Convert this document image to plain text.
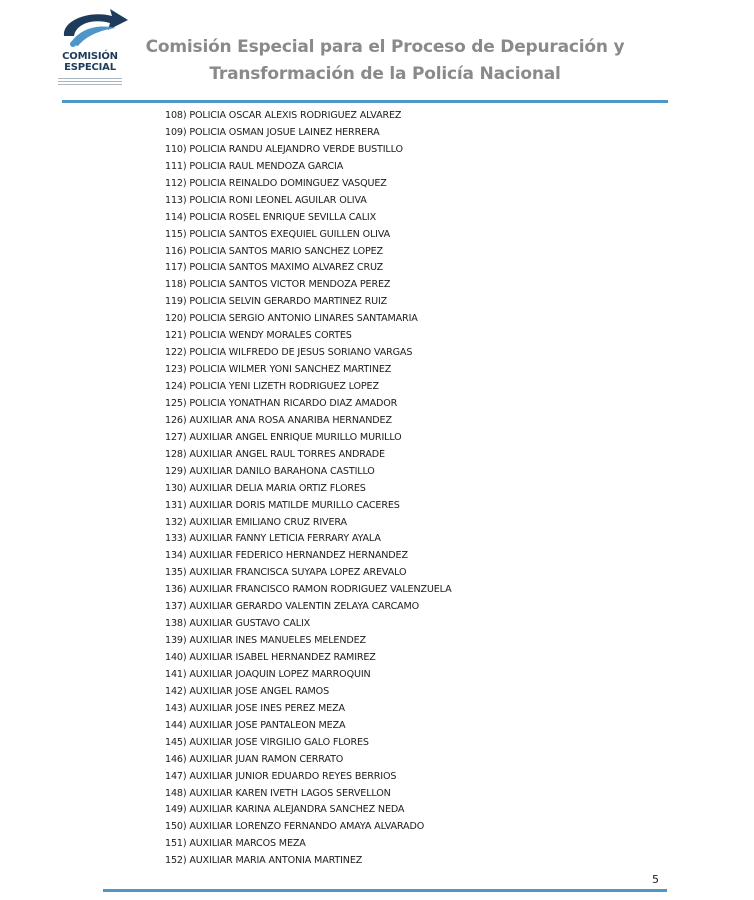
COMISIÓN
ESPECIAL
Comisión Especial para el Proceso de Depuración y
Transformación de la Policía Nacional
108) POLICIA OSCAR ALEXIS RODRIGUEZ ALVAREZ
109) POLICIA OSMAN JOSUE LAINEZ HERRERA
110) POLICIA RANDU ALEJANDRO VERDE BUSTILLO
111) POLICIA RAUL MENDOZA GARCIA
112) POLICIA REINALDO DOMINGUEZ VASQUEZ
113) POLICIA RONI LEONEL AGUILAR OLIVA
114) POLICIA ROSEL ENRIQUE SEVILLA CALIX
115) POLICIA SANTOS EXEQUIEL GUILLEN OLIVA
116) POLICIA SANTOS MARIO SANCHEZ LOPEZ
117) POLICIA SANTOS MAXIMO ALVAREZ CRUZ
118) POLICIA SANTOS VICTOR MENDOZA PEREZ
119) POLICIA SELVIN GERARDO MARTINEZ RUIZ
120) POLICIA SERGIO ANTONIO LINARES SANTAMARIA
121) POLICIA WENDY MORALES CORTES
122) POLICIA WILFREDO DE JESUS SORIANO VARGAS
123) POLICIA WILMER YONI SANCHEZ MARTINEZ
124) POLICIA YENI LIZETH RODRIGUEZ LOPEZ
125) POLICIA YONATHAN RICARDO DIAZ AMADOR
126) AUXILIAR ANA ROSA ANARIBA HERNANDEZ
127) AUXILIAR ANGEL ENRIQUE MURILLO MURILLO
128) AUXILIAR ANGEL RAUL TORRES ANDRADE
129) AUXILIAR DANILO BARAHONA CASTILLO
130) AUXILIAR DELIA MARIA ORTIZ FLORES
131) AUXILIAR DORIS MATILDE MURILLO CACERES
132) AUXILIAR EMILIANO CRUZ RIVERA
133) AUXILIAR FANNY LETICIA FERRARY AYALA
134) AUXILIAR FEDERICO HERNANDEZ HERNANDEZ
135) AUXILIAR FRANCISCA SUYAPA LOPEZ AREVALO
136) AUXILIAR FRANCISCO RAMON RODRIGUEZ VALENZUELA
137) AUXILIAR GERARDO VALENTIN ZELAYA CARCAMO
138) AUXILIAR GUSTAVO CALIX
139) AUXILIAR INES MANUELES MELENDEZ
140) AUXILIAR ISABEL HERNANDEZ RAMIREZ
141) AUXILIAR JOAQUIN LOPEZ MARROQUIN
142) AUXILIAR JOSE ANGEL RAMOS
143) AUXILIAR JOSE INES PEREZ MEZA
144) AUXILIAR JOSE PANTALEON MEZA
145) AUXILIAR JOSE VIRGILIO GALO FLORES
146) AUXILIAR JUAN RAMON CERRATO
147) AUXILIAR JUNIOR EDUARDO REYES BERRIOS
148) AUXILIAR KAREN IVETH LAGOS SERVELLON
149) AUXILIAR KARINA ALEJANDRA SANCHEZ NEDA
150) AUXILIAR LORENZO FERNANDO AMAYA ALVARADO
151) AUXILIAR MARCOS MEZA
152) AUXILIAR MARIA ANTONIA MARTINEZ
5
